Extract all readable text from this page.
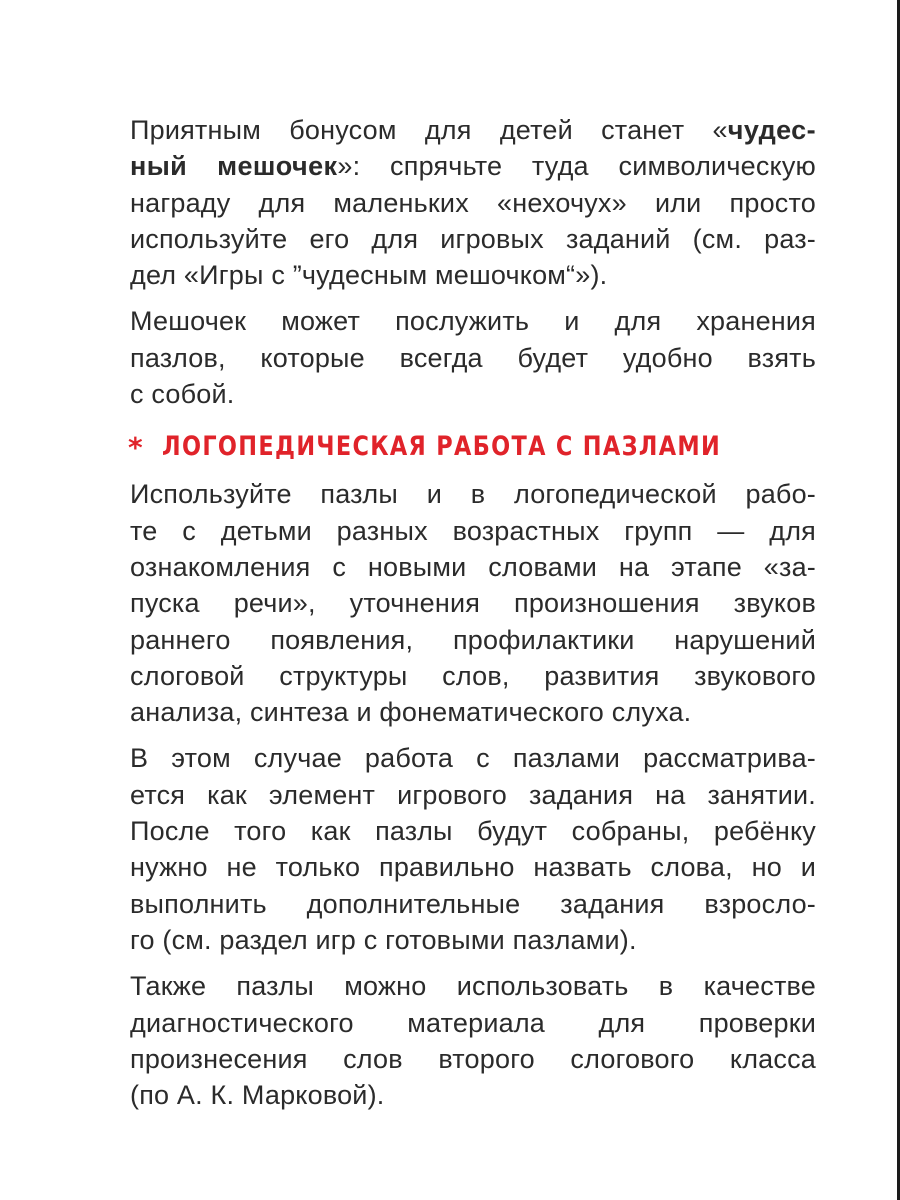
Приятным бонусом для детей станет «чудес-
ный мешочек»: спрячьте туда символическую
награду для маленьких «нехочух» или просто
используйте его для игровых заданий (см. раз-
дел «Игры с ”чудесным мешочком“»).

Мешочек может послужить и для хранения
пазлов, которые всегда будет удобно взять
с собой.

* ЛОГОПЕДИЧЕСКАЯ РАБОТА С ПАЗЛАМИ

Используйте пазлы и в логопедической рабо-
те с детьми разных возрастных групп — для
ознакомления с новыми словами на этапе «за-
пуска речи», уточнения произношения звуков
раннего появления, профилактики нарушений
слоговой структуры слов, развития звукового
анализа, синтеза и фонематического слуха.

В этом случае работа с пазлами рассматрива-
ется как элемент игрового задания на занятии.
После того как пазлы будут собраны, ребёнку
нужно не только правильно назвать слова, но и
выполнить дополнительные задания взросло-
го (см. раздел игр с готовыми пазлами).

Также пазлы можно использовать в качестве
диагностического материала для проверки
произнесения слов второго слогового класса
(по А. К. Марковой).
